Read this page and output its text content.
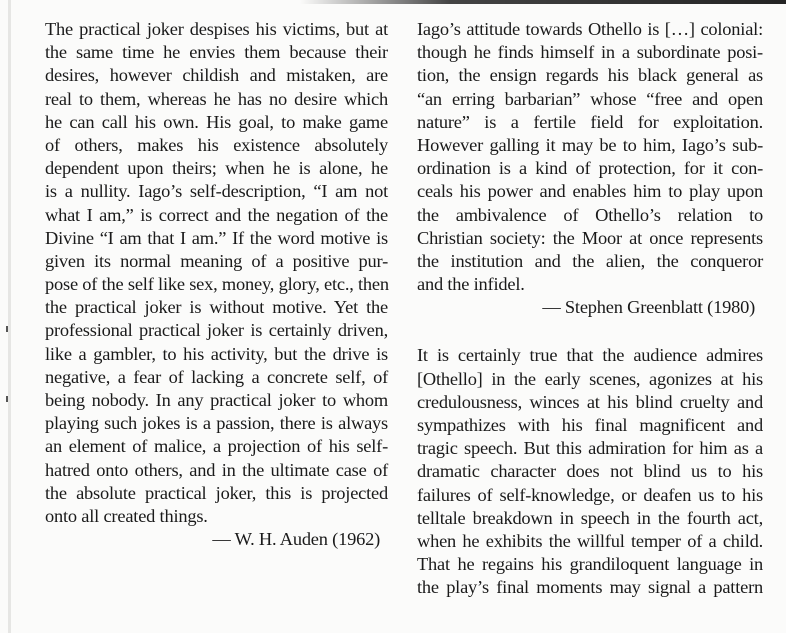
The practical joker despises his victims, but at
the same time he envies them because their
desires, however childish and mistaken, are
real to them, whereas he has no desire which
he can call his own. His goal, to make game
of others, makes his existence absolutely
dependent upon theirs; when he is alone, he
is a nullity. Iago’s self-description, “I am not
what I am,” is correct and the negation of the
Divine “I am that I am.” If the word motive is
given its normal meaning of a positive pur-
pose of the self like sex, money, glory, etc., then
the practical joker is without motive. Yet the
professional practical joker is certainly driven,
like a gambler, to his activity, but the drive is
negative, a fear of lacking a concrete self, of
being nobody. In any practical joker to whom
playing such jokes is a passion, there is always
an element of malice, a projection of his self-
hatred onto others, and in the ultimate case of
the absolute practical joker, this is projected
onto all created things.
— W. H. Auden (1962)
Iago’s attitude towards Othello is […] colonial:
though he finds himself in a subordinate posi-
tion, the ensign regards his black general as
“an erring barbarian” whose “free and open
nature” is a fertile field for exploitation.
However galling it may be to him, Iago’s sub-
ordination is a kind of protection, for it con-
ceals his power and enables him to play upon
the ambivalence of Othello’s relation to
Christian society: the Moor at once represents
the institution and the alien, the conqueror
and the infidel.
— Stephen Greenblatt (1980)
It is certainly true that the audience admires
[Othello] in the early scenes, agonizes at his
credulousness, winces at his blind cruelty and
sympathizes with his final magnificent and
tragic speech. But this admiration for him as a
dramatic character does not blind us to his
failures of self-knowledge, or deafen us to his
telltale breakdown in speech in the fourth act,
when he exhibits the willful temper of a child.
That he regains his grandiloquent language in
the play’s final moments may signal a pattern
